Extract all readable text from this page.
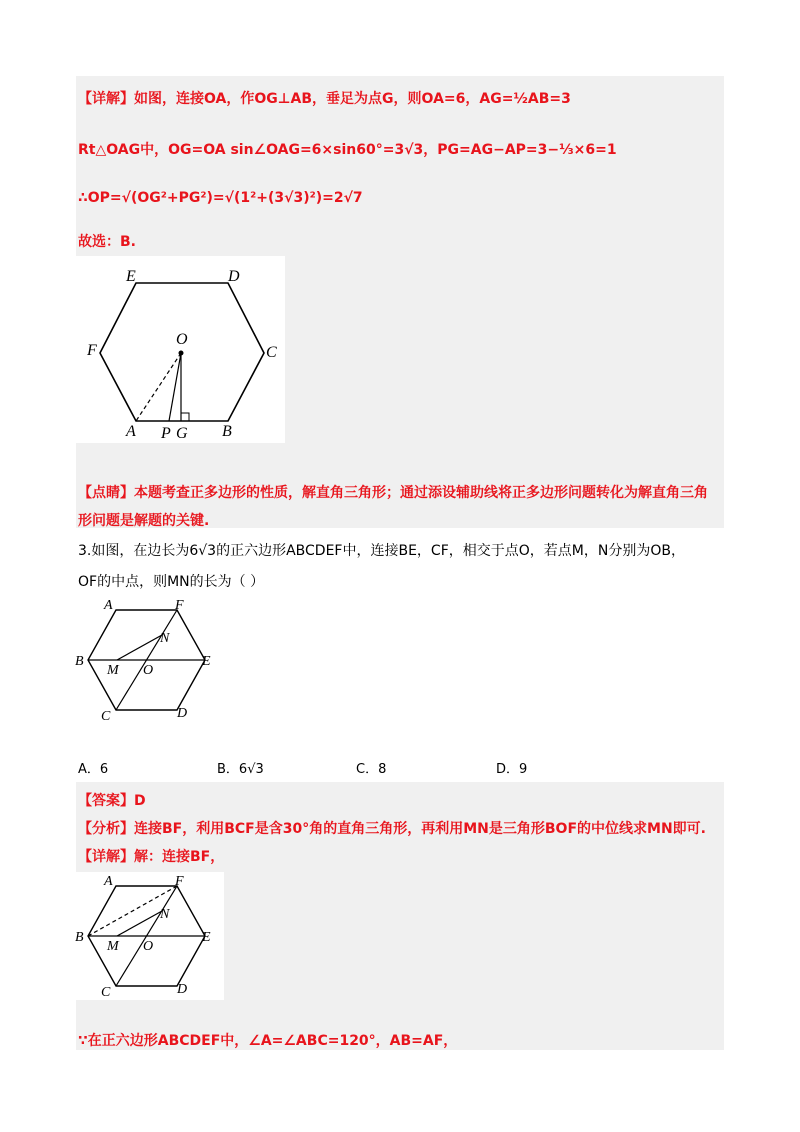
【详解】如图，连接OA，作OG⊥AB，垂足为点G，则OA=6，AG=½AB=3
Rt△OAG中，OG=OA sin∠OAG=6×sin60°=3√3，PG=AG−AP=3−⅓×6=1
∴OP=√(OG²+PG²)=√(1²+(3√3)²)=2√7
故选：B.
E	D
F
O
C
A P G B
【点睛】本题考查正多边形的性质，解直角三角形；通过添设辅助线将正多边形问题转化为解直角三角
形问题是解题的关键.
3.如图，在边长为6√3的正六边形ABCDEF中，连接BE，CF，相交于点O，若点M，N分别为OB，
OF的中点，则MN的长为（ ）
A	F
N
B
M O
E
C	D
A．6	B．6√3	C．8	D．9
【答案】D
【分析】连接BF，利用BCF是含30°角的直角三角形，再利用MN是三角形BOF的中位线求MN即可.
【详解】解：连接BF，
A	F
N
B
M O
E
C	D
∵在正六边形ABCDEF中，∠A=∠ABC=120°，AB=AF，
